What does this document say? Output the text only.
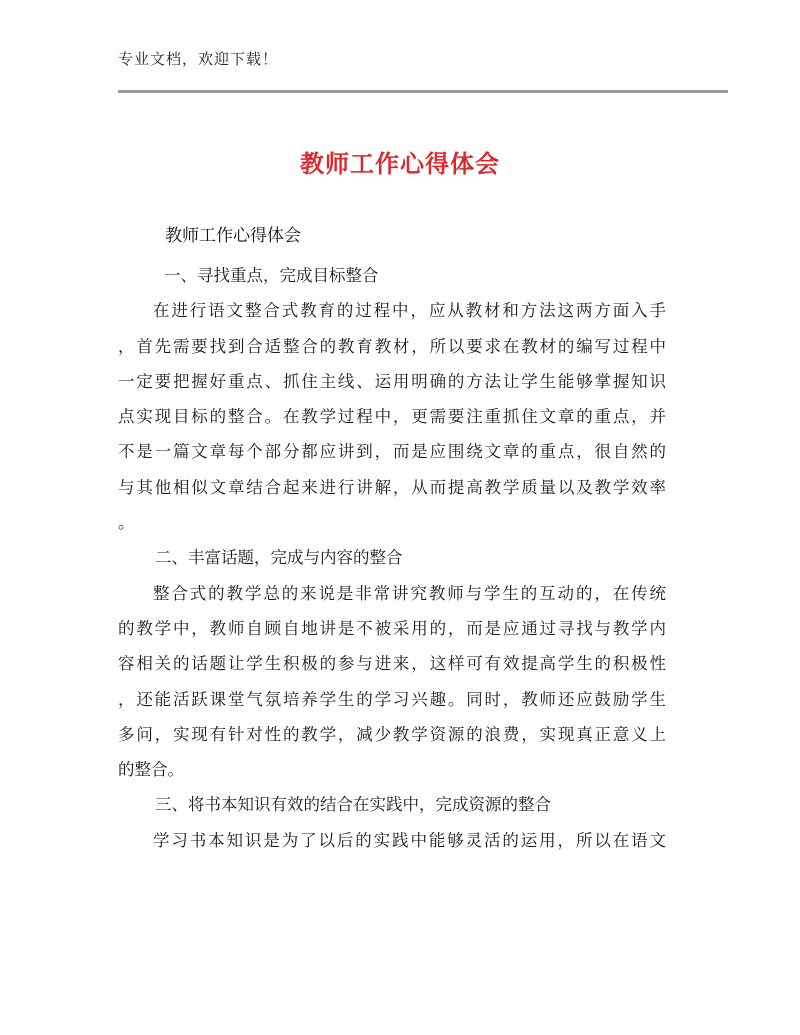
专业文档，欢迎下载！
教师工作心得体会
教师工作心得体会
一、寻找重点，完成目标整合
在进行语文整合式教育的过程中，应从教材和方法这两方面入手
，首先需要找到合适整合的教育教材，所以要求在教材的编写过程中
一定要把握好重点、抓住主线、运用明确的方法让学生能够掌握知识
点实现目标的整合。在教学过程中，更需要注重抓住文章的重点，并
不是一篇文章每个部分都应讲到，而是应围绕文章的重点，很自然的
与其他相似文章结合起来进行讲解，从而提高教学质量以及教学效率
。
二、丰富话题，完成与内容的整合
整合式的教学总的来说是非常讲究教师与学生的互动的，在传统
的教学中，教师自顾自地讲是不被采用的，而是应通过寻找与教学内
容相关的话题让学生积极的参与进来，这样可有效提高学生的积极性
，还能活跃课堂气氛培养学生的学习兴趣。同时，教师还应鼓励学生
多问，实现有针对性的教学，减少教学资源的浪费，实现真正意义上
的整合。
三、将书本知识有效的结合在实践中，完成资源的整合
学习书本知识是为了以后的实践中能够灵活的运用，所以在语文
